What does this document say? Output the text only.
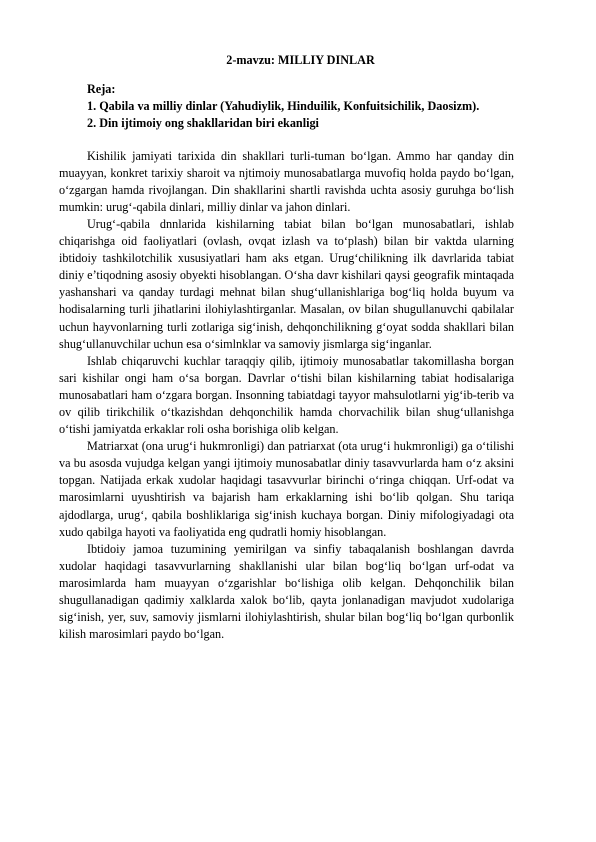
2-mavzu: MILLIY DINLAR
Reja:
1. Qabila va milliy dinlar (Yahudiylik, Hinduilik, Konfuitsichilik, Daosizm).
2. Din ijtimoiy ong shakllaridan biri ekanligi

Kishilik jamiyati tarixida din shakllari turli-tuman bo‘lgan. Ammo har qanday din muayyan, konkret tarixiy sharoit va njtimoiy munosabatlarga muvofiq holda paydo bo‘lgan, o‘zgargan hamda rivojlangan. Din shakllarini shartli ravishda uchta asosiy guruhga bo‘lish mumkin: urug‘-qabila dinlari, milliy dinlar va jahon dinlari.

Urug‘-qabila dnnlarida kishilarning tabiat bilan bo‘lgan munosabatlari, ishlab chiqarishga oid faoliyatlari (ovlash, ovqat izlash va to‘plash) bilan bir vaktda ularning ibtidoiy tashkilotchilik xususiyatlari ham aks etgan. Urug‘chilikning ilk davrlarida tabiat diniy e’tiqodning asosiy obyekti hisoblangan. O‘sha davr kishilari qaysi geografik mintaqada yashanshari va qanday turdagi mehnat bilan shug‘ullanishlariga bog‘liq holda buyum va hodisalarning turli jihatlarini ilohiylashtirganlar. Masalan, ov bilan shugullanuvchi qabilalar uchun hayvonlarning turli zotlariga sig‘inish, dehqonchilikning g‘oyat sodda shakllari bilan shug‘ullanuvchilar uchun esa o‘simlnklar va samoviy jismlarga sig‘inganlar.

Ishlab chiqaruvchi kuchlar taraqqiy qilib, ijtimoiy munosabatlar takomillasha borgan sari kishilar ongi ham o‘sa borgan. Davrlar o‘tishi bilan kishilarning tabiat hodisalariga munosabatlari ham o‘zgara borgan. Insonning tabiatdagi tayyor mahsulotlarni yig‘ib-terib va ov qilib tirikchilik o‘tkazishdan dehqonchilik hamda chorvachilik bilan shug‘ullanishga o‘tishi jamiyatda erkaklar roli osha borishiga olib kelgan.

Matriarxat (ona urug‘i hukmronligi) dan patriarxat (ota urug‘i hukmronligi) ga o‘tilishi va bu asosda vujudga kelgan yangi ijtimoiy munosabatlar diniy tasavvurlarda ham o‘z aksini topgan. Natijada erkak xudolar haqidagi tasavvurlar birinchi o‘ringa chiqqan. Urf-odat va marosimlarni uyushtirish va bajarish ham erkaklarning ishi bo‘lib qolgan. Shu tariqa ajdodlarga, urug‘, qabila boshliklariga sig‘inish kuchaya borgan. Diniy mifologiyadagi ota xudo qabilga hayoti va faoliyatida eng qudratli homiy hisoblangan.

Ibtidoiy jamoa tuzumining yemirilgan va sinfiy tabaqalanish boshlangan davrda xudolar haqidagi tasavvurlarning shakllanishi ular bilan bog‘liq bo‘lgan urf-odat va marosimlarda ham muayyan o‘zgarishlar bo‘lishiga olib kelgan. Dehqonchilik bilan shugullanadigan qadimiy xalklarda xalok bo‘lib, qayta jonlanadigan mavjudot xudolariga sig‘inish, yer, suv, samoviy jismlarni ilohiylashtirish, shular bilan bog‘liq bo‘lgan qurbonlik kilish marosimlari paydo bo‘lgan.
